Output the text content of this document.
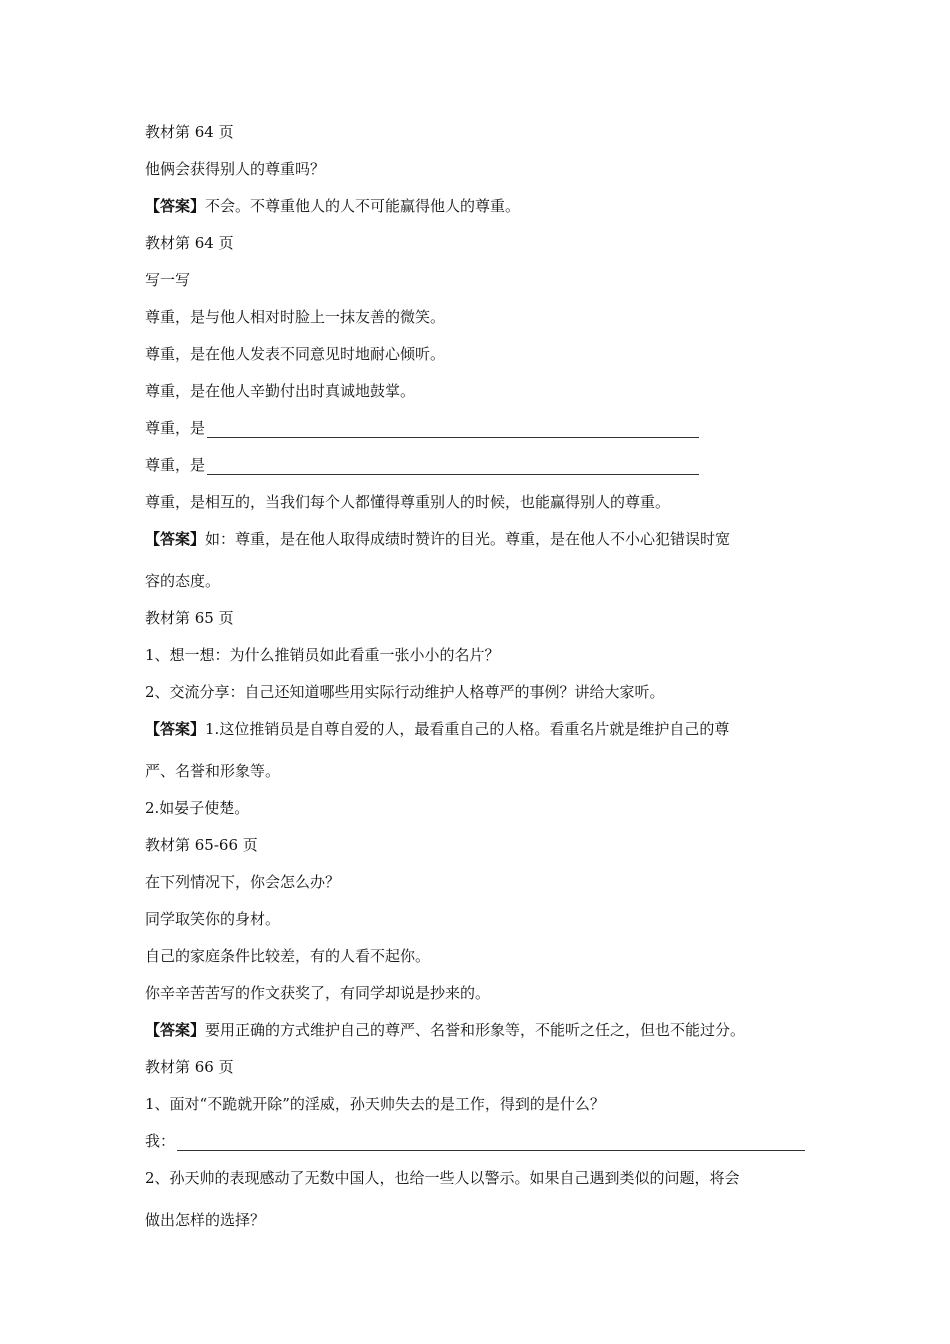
教材第 64 页
他俩会获得别人的尊重吗？
【答案】不会。不尊重他人的人不可能赢得他人的尊重。
教材第 64 页
写一写
尊重，是与他人相对时脸上一抹友善的微笑。
尊重，是在他人发表不同意见时地耐心倾听。
尊重，是在他人辛勤付出时真诚地鼓掌。
尊重，是
尊重，是
尊重，是相互的，当我们每个人都懂得尊重别人的时候，也能赢得别人的尊重。
【答案】如：尊重，是在他人取得成绩时赞许的目光。尊重，是在他人不小心犯错误时宽
容的态度。
教材第 65 页
1、想一想：为什么推销员如此看重一张小小的名片？
2、交流分享：自己还知道哪些用实际行动维护人格尊严的事例？讲给大家听。
【答案】1.这位推销员是自尊自爱的人，最看重自己的人格。看重名片就是维护自己的尊
严、名誉和形象等。
2.如晏子使楚。
教材第 65-66 页
在下列情况下，你会怎么办？
同学取笑你的身材。
自己的家庭条件比较差，有的人看不起你。
你辛辛苦苦写的作文获奖了，有同学却说是抄来的。
【答案】要用正确的方式维护自己的尊严、名誉和形象等，不能听之任之，但也不能过分。
教材第 66 页
1、面对“不跪就开除”的淫威，孙天帅失去的是工作，得到的是什么？
我：
2、孙天帅的表现感动了无数中国人，也给一些人以警示。如果自己遇到类似的问题，将会
做出怎样的选择？
